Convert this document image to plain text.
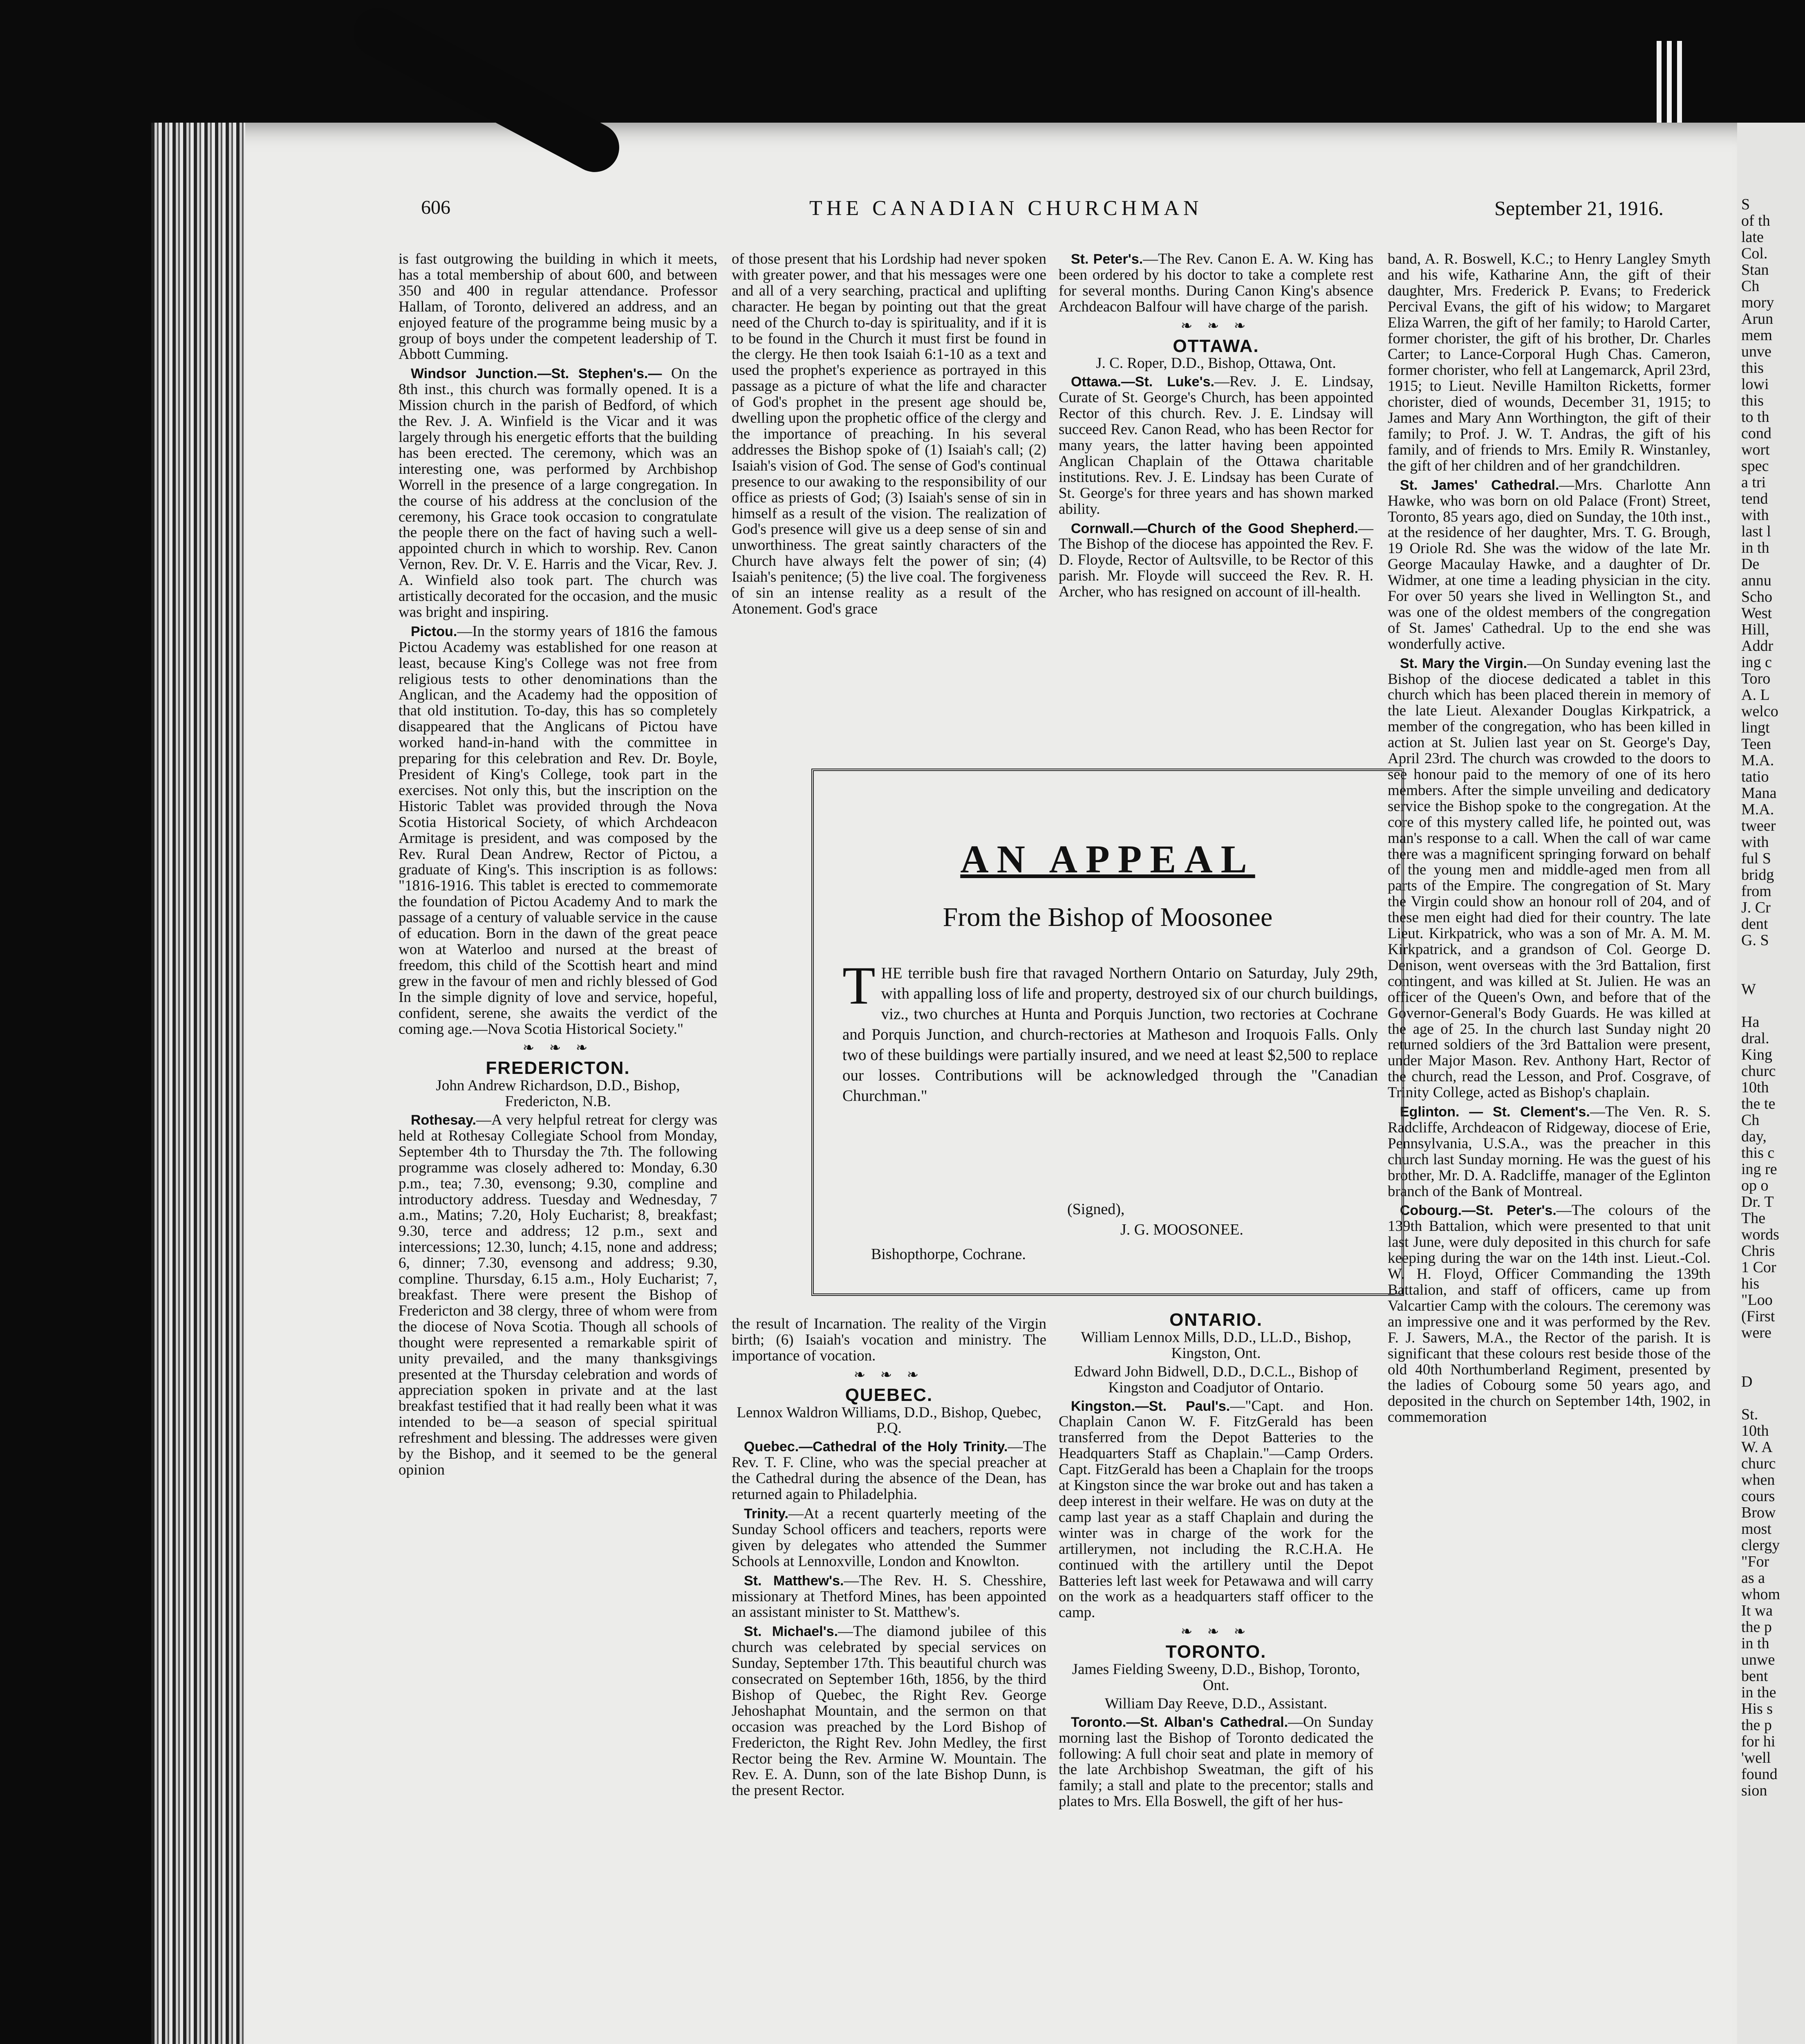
S
of th
late
Col.
Stan
Ch
mory
Arun
mem
unve
this
lowi
this
to th
cond
wort
spec
a tri
tend
with
last l
in th
De
annu
Scho
West
Hill,
Addr
ing c
Toro
A. L
welco
lingt
Teen
M.A.
tatio
Mana
M.A.
tweer
with
ful S
bridg
from
J. Cr
dent
G. S
W
Ha
dral.
King
churc
10th
the te
Ch
day,
this c
ing re
op o
Dr. T
The
words
Chris
1 Cor
his
"Loo
(First
were
D
St.
10th
W. A
churc
when
cours
Brow
most
clergy
"For
as a
whom
It wa
the p
in th
unwe
bent
in the
His s
the p
for hi
'well
found
sion
606	THE CANADIAN CHURCHMAN	September 21, 1916.

is fast outgrowing the building in which it meets, has a total membership of about 600, and between 350 and 400 in regular attendance. Professor Hallam, of Toronto, delivered an address, and an enjoyed feature of the programme being music by a group of boys under the competent leadership of T. Abbott Cumming.

Windsor Junction.—St. Stephen's.— On the 8th inst., this church was formally opened. It is a Mission church in the parish of Bedford, of which the Rev. J. A. Winfield is the Vicar and it was largely through his energetic efforts that the building has been erected. The ceremony, which was an interesting one, was performed by Archbishop Worrell in the presence of a large congregation. In the course of his address at the conclusion of the ceremony, his Grace took occasion to congratulate the people there on the fact of having such a well-appointed church in which to worship. Rev. Canon Vernon, Rev. Dr. V. E. Harris and the Vicar, Rev. J. A. Winfield also took part. The church was artistically decorated for the occasion, and the music was bright and inspiring.

Pictou.—In the stormy years of 1816 the famous Pictou Academy was established for one reason at least, because King's College was not free from religious tests to other denominations than the Anglican, and the Academy had the opposition of that old institution. To-day, this has so completely disappeared that the Anglicans of Pictou have worked hand-in-hand with the committee in preparing for this celebration and Rev. Dr. Boyle, President of King's College, took part in the exercises. Not only this, but the inscription on the Historic Tablet was provided through the Nova Scotia Historical Society, of which Archdeacon Armitage is president, and was composed by the Rev. Rural Dean Andrew, Rector of Pictou, a graduate of King's. This inscription is as follows: "1816-1916. This tablet is erected to commemorate the foundation of Pictou Academy And to mark the passage of a century of valuable service in the cause of education. Born in the dawn of the great peace won at Waterloo and nursed at the breast of freedom, this child of the Scottish heart and mind grew in the favour of men and richly blessed of God In the simple dignity of love and service, hopeful, confident, serene, she awaits the verdict of the coming age.—Nova Scotia Historical Society."

❧ ❧ ❧
FREDERICTON.
John Andrew Richardson, D.D., Bishop, Fredericton, N.B.

Rothesay.—A very helpful retreat for clergy was held at Rothesay Collegiate School from Monday, September 4th to Thursday the 7th. The following programme was closely adhered to: Monday, 6.30 p.m., tea; 7.30, evensong; 9.30, compline and introductory address. Tuesday and Wednesday, 7 a.m., Matins; 7.20, Holy Eucharist; 8, breakfast; 9.30, terce and address; 12 p.m., sext and intercessions; 12.30, lunch; 4.15, none and address; 6, dinner; 7.30, evensong and address; 9.30, compline. Thursday, 6.15 a.m., Holy Eucharist; 7, breakfast. There were present the Bishop of Fredericton and 38 clergy, three of whom were from the diocese of Nova Scotia. Though all schools of thought were represented a remarkable spirit of unity prevailed, and the many thanksgivings presented at the Thursday celebration and words of appreciation spoken in private and at the last breakfast testified that it had really been what it was intended to be—a season of special spiritual refreshment and blessing. The addresses were given by the Bishop, and it seemed to be the general opinion

of those present that his Lordship had never spoken with greater power, and that his messages were one and all of a very searching, practical and uplifting character. He began by pointing out that the great need of the Church to-day is spirituality, and if it is to be found in the Church it must first be found in the clergy. He then took Isaiah 6:1-10 as a text and used the prophet's experience as portrayed in this passage as a picture of what the life and character of God's prophet in the present age should be, dwelling upon the prophetic office of the clergy and the importance of preaching. In his several addresses the Bishop spoke of (1) Isaiah's call; (2) Isaiah's vision of God. The sense of God's continual presence to our awaking to the responsibility of our office as priests of God; (3) Isaiah's sense of sin in himself as a result of the vision. The realization of God's presence will give us a deep sense of sin and unworthiness. The great saintly characters of the Church have always felt the power of sin; (4) Isaiah's penitence; (5) the live coal. The forgiveness of sin an intense reality as a result of the Atonement. God's grace

the result of Incarnation. The reality of the Virgin birth; (6) Isaiah's vocation and ministry. The importance of vocation.

❧ ❧ ❧
QUEBEC.
Lennox Waldron Williams, D.D., Bishop, Quebec, P.Q.

Quebec.—Cathedral of the Holy Trinity.—The Rev. T. F. Cline, who was the special preacher at the Cathedral during the absence of the Dean, has returned again to Philadelphia.

Trinity.—At a recent quarterly meeting of the Sunday School officers and teachers, reports were given by delegates who attended the Summer Schools at Lennoxville, London and Knowlton.

St. Matthew's.—The Rev. H. S. Chesshire, missionary at Thetford Mines, has been appointed an assistant minister to St. Matthew's.

St. Michael's.—The diamond jubilee of this church was celebrated by special services on Sunday, September 17th. This beautiful church was consecrated on September 16th, 1856, by the third Bishop of Quebec, the Right Rev. George Jehoshaphat Mountain, and the sermon on that occasion was preached by the Lord Bishop of Fredericton, the Right Rev. John Medley, the first Rector being the Rev. Armine W. Mountain. The Rev. E. A. Dunn, son of the late Bishop Dunn, is the present Rector.

St. Peter's.—The Rev. Canon E. A. W. King has been ordered by his doctor to take a complete rest for several months. During Canon King's absence Archdeacon Balfour will have charge of the parish.

❧ ❧ ❧
OTTAWA.
J. C. Roper, D.D., Bishop, Ottawa, Ont.

Ottawa.—St. Luke's.—Rev. J. E. Lindsay, Curate of St. George's Church, has been appointed Rector of this church. Rev. J. E. Lindsay will succeed Rev. Canon Read, who has been Rector for many years, the latter having been appointed Anglican Chaplain of the Ottawa charitable institutions. Rev. J. E. Lindsay has been Curate of St. George's for three years and has shown marked ability.

Cornwall.—Church of the Good Shepherd.—The Bishop of the diocese has appointed the Rev. F. D. Floyde, Rector of Aultsville, to be Rector of this parish. Mr. Floyde will succeed the Rev. R. H. Archer, who has resigned on account of ill-health.

ONTARIO.
William Lennox Mills, D.D., LL.D., Bishop, Kingston, Ont.
Edward John Bidwell, D.D., D.C.L., Bishop of Kingston and Coadjutor of Ontario.

Kingston.—St. Paul's.—"Capt. and Hon. Chaplain Canon W. F. FitzGerald has been transferred from the Depot Batteries to the Headquarters Staff as Chaplain."—Camp Orders. Capt. FitzGerald has been a Chaplain for the troops at Kingston since the war broke out and has taken a deep interest in their welfare. He was on duty at the camp last year as a staff Chaplain and during the winter was in charge of the work for the artillerymen, not including the R.C.H.A. He continued with the artillery until the Depot Batteries left last week for Petawawa and will carry on the work as a headquarters staff officer to the camp.

❧ ❧ ❧
TORONTO.
James Fielding Sweeny, D.D., Bishop, Toronto, Ont.
William Day Reeve, D.D., Assistant.

Toronto.—St. Alban's Cathedral.—On Sunday morning last the Bishop of Toronto dedicated the following: A full choir seat and plate in memory of the late Archbishop Sweatman, the gift of his family; a stall and plate to the precentor; stalls and plates to Mrs. Ella Boswell, the gift of her hus-

band, A. R. Boswell, K.C.; to Henry Langley Smyth and his wife, Katharine Ann, the gift of their daughter, Mrs. Frederick P. Evans; to Frederick Percival Evans, the gift of his widow; to Margaret Eliza Warren, the gift of her family; to Harold Carter, former chorister, the gift of his brother, Dr. Charles Carter; to Lance-Corporal Hugh Chas. Cameron, former chorister, who fell at Langemarck, April 23rd, 1915; to Lieut. Neville Hamilton Ricketts, former chorister, died of wounds, December 31, 1915; to James and Mary Ann Worthington, the gift of their family; to Prof. J. W. T. Andras, the gift of his family, and of friends to Mrs. Emily R. Winstanley, the gift of her children and of her grandchildren.

St. James' Cathedral.—Mrs. Charlotte Ann Hawke, who was born on old Palace (Front) Street, Toronto, 85 years ago, died on Sunday, the 10th inst., at the residence of her daughter, Mrs. T. G. Brough, 19 Oriole Rd. She was the widow of the late Mr. George Macaulay Hawke, and a daughter of Dr. Widmer, at one time a leading physician in the city. For over 50 years she lived in Wellington St., and was one of the oldest members of the congregation of St. James' Cathedral. Up to the end she was wonderfully active.

St. Mary the Virgin.—On Sunday evening last the Bishop of the diocese dedicated a tablet in this church which has been placed therein in memory of the late Lieut. Alexander Douglas Kirkpatrick, a member of the congregation, who has been killed in action at St. Julien last year on St. George's Day, April 23rd. The church was crowded to the doors to see honour paid to the memory of one of its hero members. After the simple unveiling and dedicatory service the Bishop spoke to the congregation. At the core of this mystery called life, he pointed out, was man's response to a call. When the call of war came there was a magnificent springing forward on behalf of the young men and middle-aged men from all parts of the Empire. The congregation of St. Mary the Virgin could show an honour roll of 204, and of these men eight had died for their country. The late Lieut. Kirkpatrick, who was a son of Mr. A. M. M. Kirkpatrick, and a grandson of Col. George D. Denison, went overseas with the 3rd Battalion, first contingent, and was killed at St. Julien. He was an officer of the Queen's Own, and before that of the Governor-General's Body Guards. He was killed at the age of 25. In the church last Sunday night 20 returned soldiers of the 3rd Battalion were present, under Major Mason. Rev. Anthony Hart, Rector of the church, read the Lesson, and Prof. Cosgrave, of Trinity College, acted as Bishop's chaplain.

Eglinton. — St. Clement's.—The Ven. R. S. Radcliffe, Archdeacon of Ridgeway, diocese of Erie, Pennsylvania, U.S.A., was the preacher in this church last Sunday morning. He was the guest of his brother, Mr. D. A. Radcliffe, manager of the Eglinton branch of the Bank of Montreal.

Cobourg.—St. Peter's.—The colours of the 139th Battalion, which were presented to that unit last June, were duly deposited in this church for safe keeping during the war on the 14th inst. Lieut.-Col. W. H. Floyd, Officer Commanding the 139th Battalion, and staff of officers, came up from Valcartier Camp with the colours. The ceremony was an impressive one and it was performed by the Rev. F. J. Sawers, M.A., the Rector of the parish. It is significant that these colours rest beside those of the old 40th Northumberland Regiment, presented by the ladies of Cobourg some 50 years ago, and deposited in the church on September 14th, 1902, in commemoration

AN APPEAL
From the Bishop of Moosonee
THE terrible bush fire that ravaged Northern Ontario on Saturday, July 29th, with appalling loss of life and property, destroyed six of our church buildings, viz., two churches at Hunta and Porquis Junction, two rectories at Cochrane and Porquis Junction, and church-rectories at Matheson and Iroquois Falls. Only two of these buildings were partially insured, and we need at least $2,500 to replace our losses. Contributions will be acknowledged through the "Canadian Churchman."
(Signed),
J. G. MOOSONEE.
Bishopthorpe, Cochrane.
